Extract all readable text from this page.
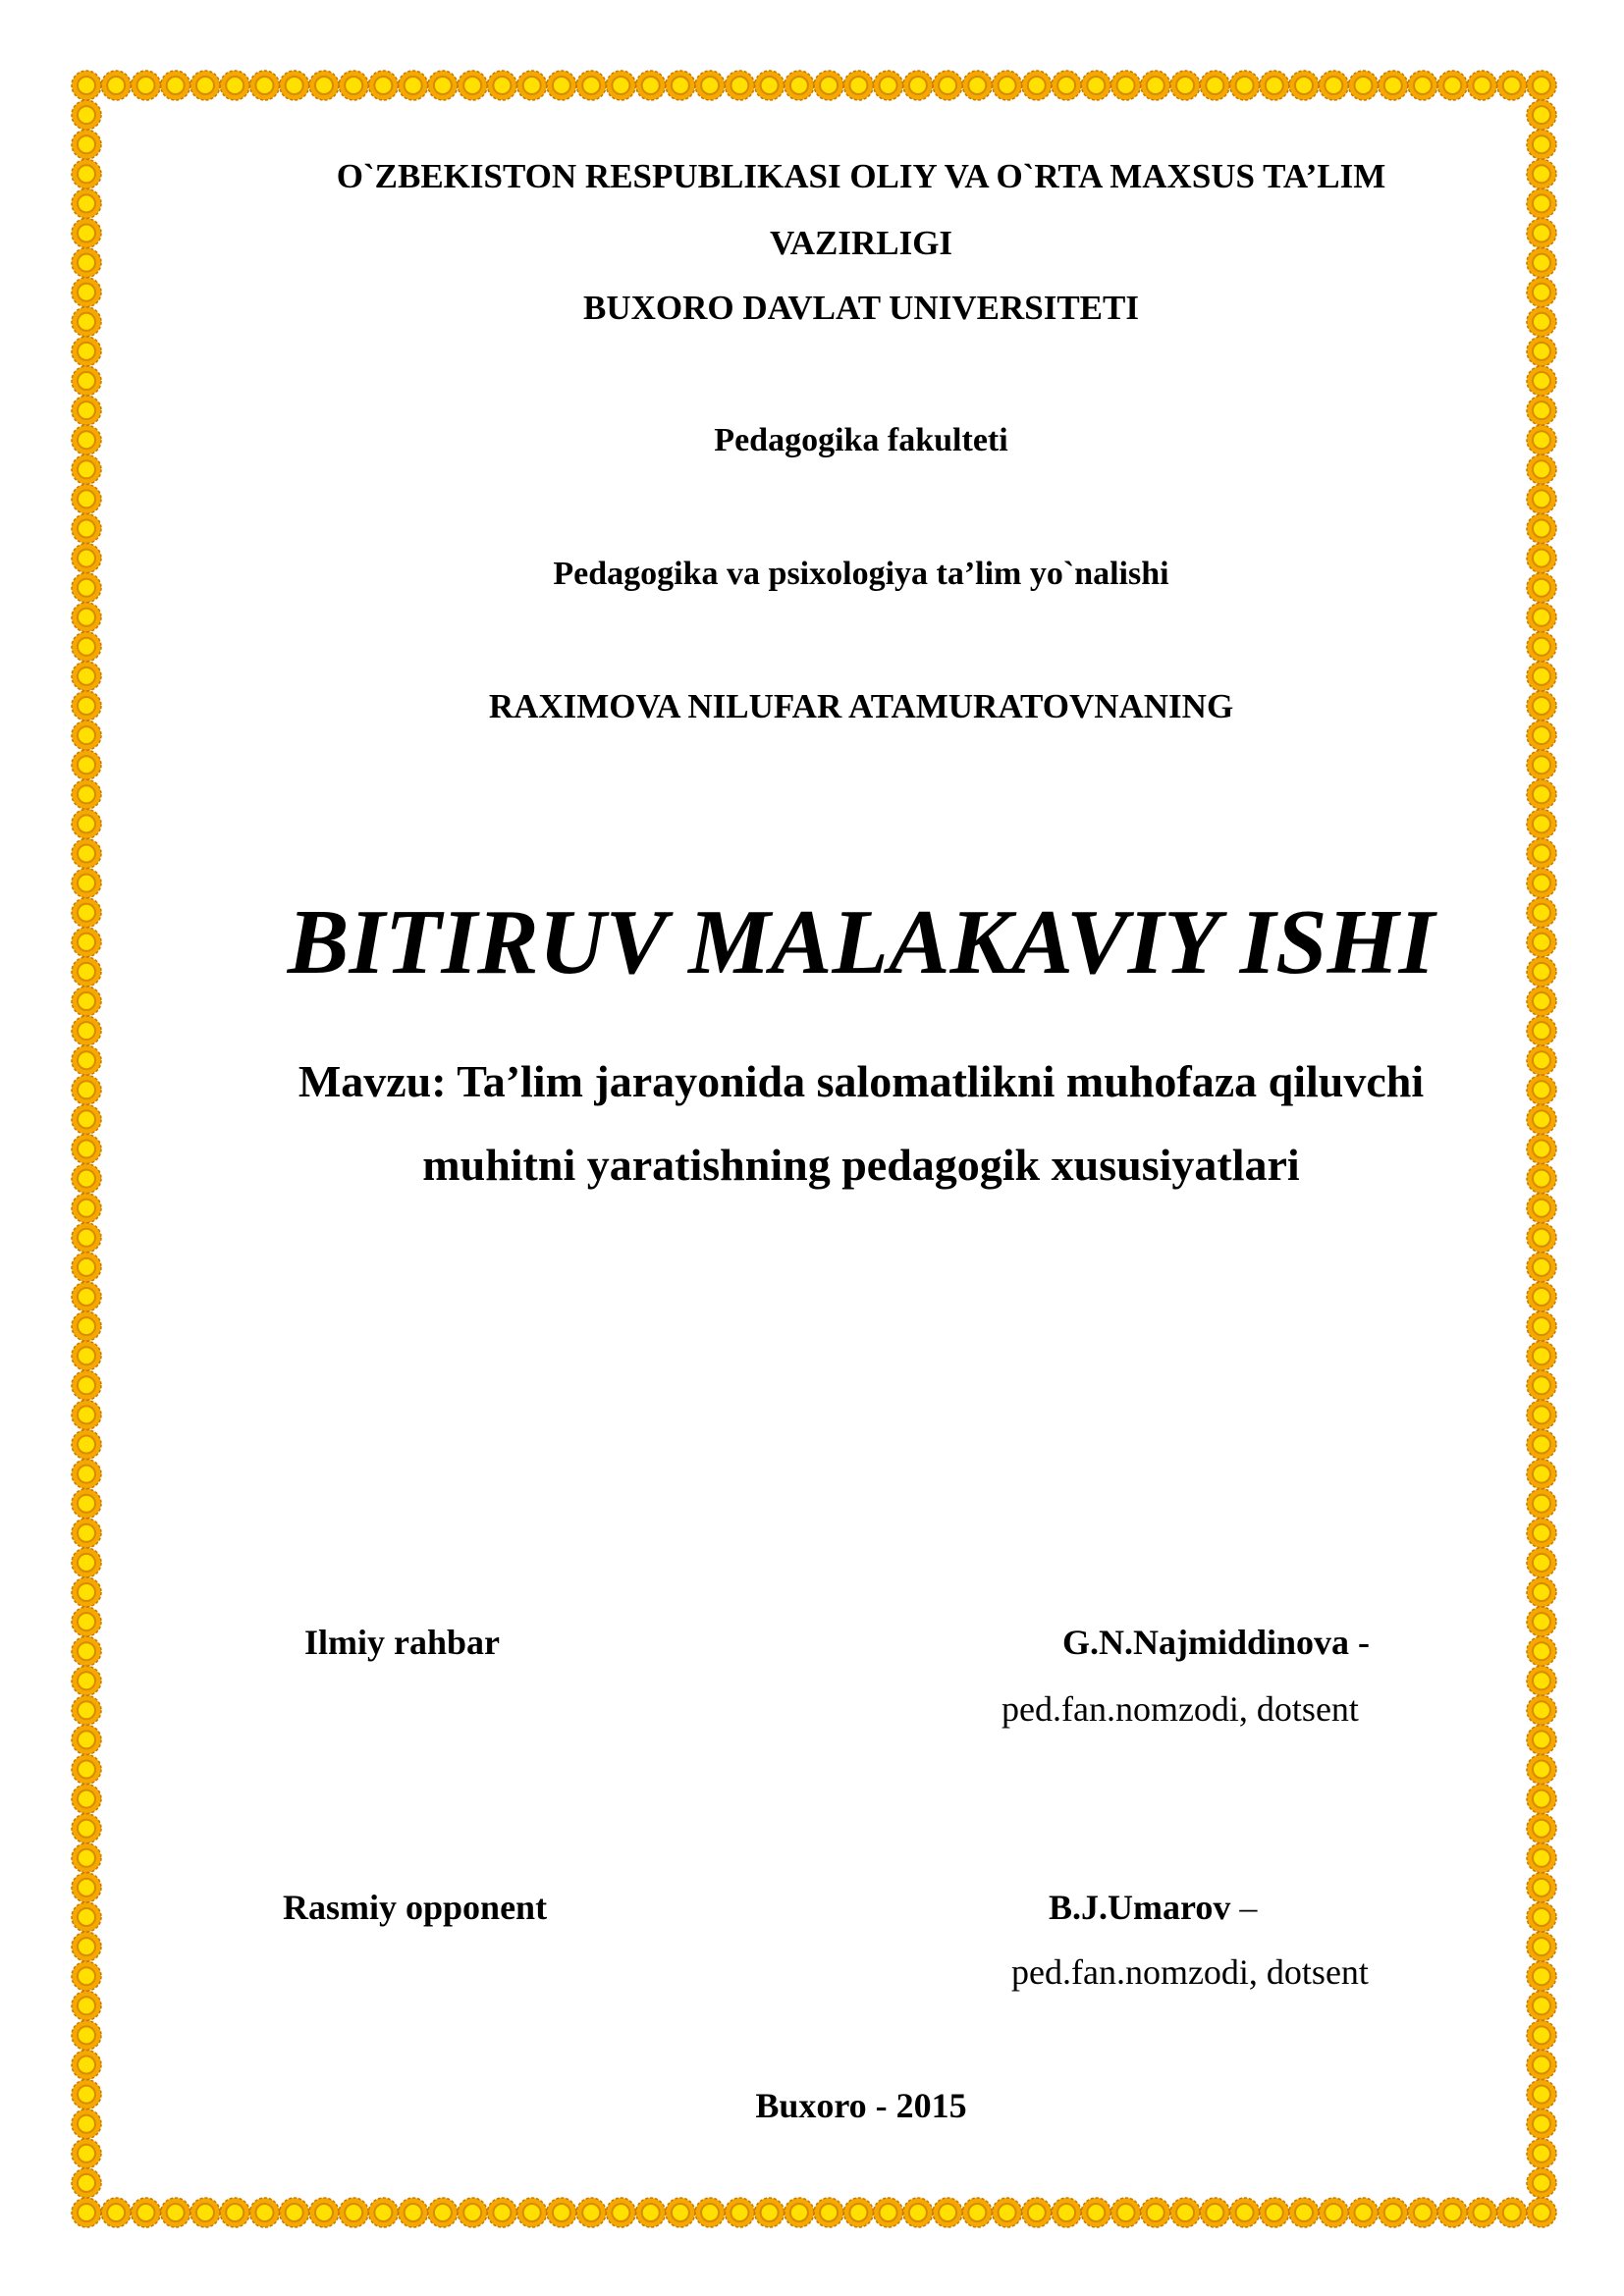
O`ZBEKISTON RESPUBLIKASI OLIY VA O`RTA MAXSUS TA’LIM
VAZIRLIGI
BUXORO DAVLAT UNIVERSITETI
Pedagogika fakulteti
Pedagogika va psixologiya ta’lim yo`nalishi
RAXIMOVA NILUFAR ATAMURATOVNANING
BITIRUV MALAKAVIY ISHI
Mavzu: Ta’lim jarayonida salomatlikni muhofaza qiluvchi
muhitni yaratishning pedagogik xususiyatlari
Ilmiy rahbar	G.N.Najmiddinova -
ped.fan.nomzodi, dotsent
Rasmiy opponent	B.J.Umarov –
ped.fan.nomzodi, dotsent
Buxoro - 2015
